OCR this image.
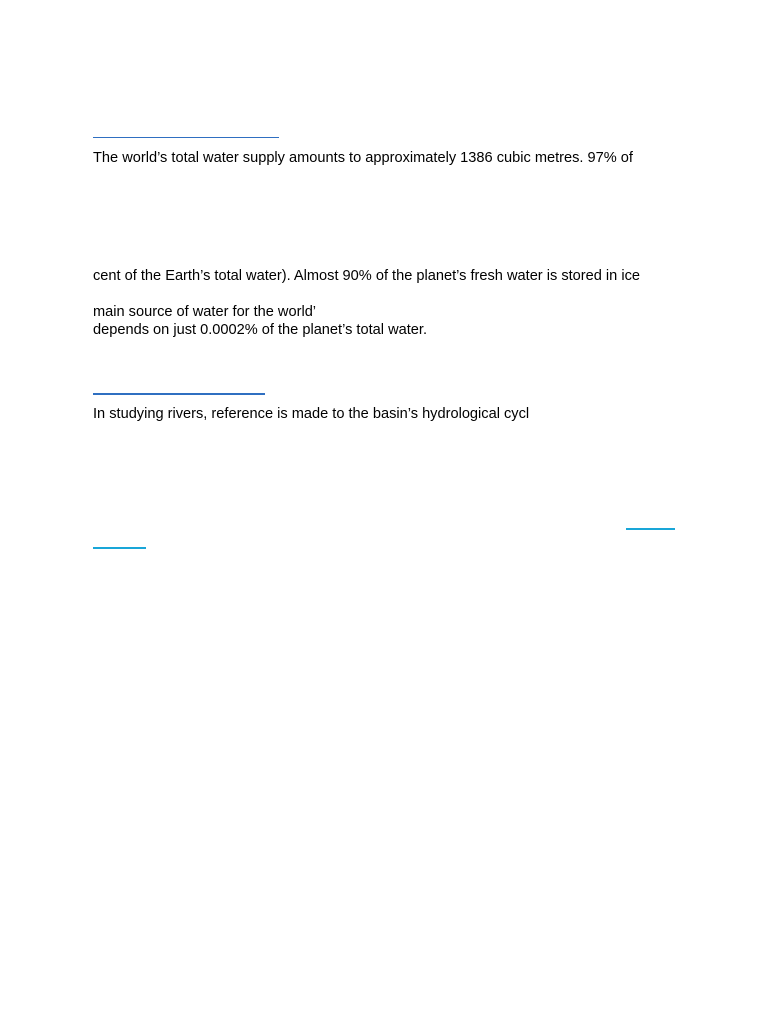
The world’s total water supply amounts to approximately 1386 cubic metres. 97% of
cent of the Earth’s total water). Almost 90% of the planet’s fresh water is stored in ice
main source of water for the world’
depends on just 0.0002% of the planet’s total water.
In studying rivers, reference is made to the basin’s hydrological cycl
